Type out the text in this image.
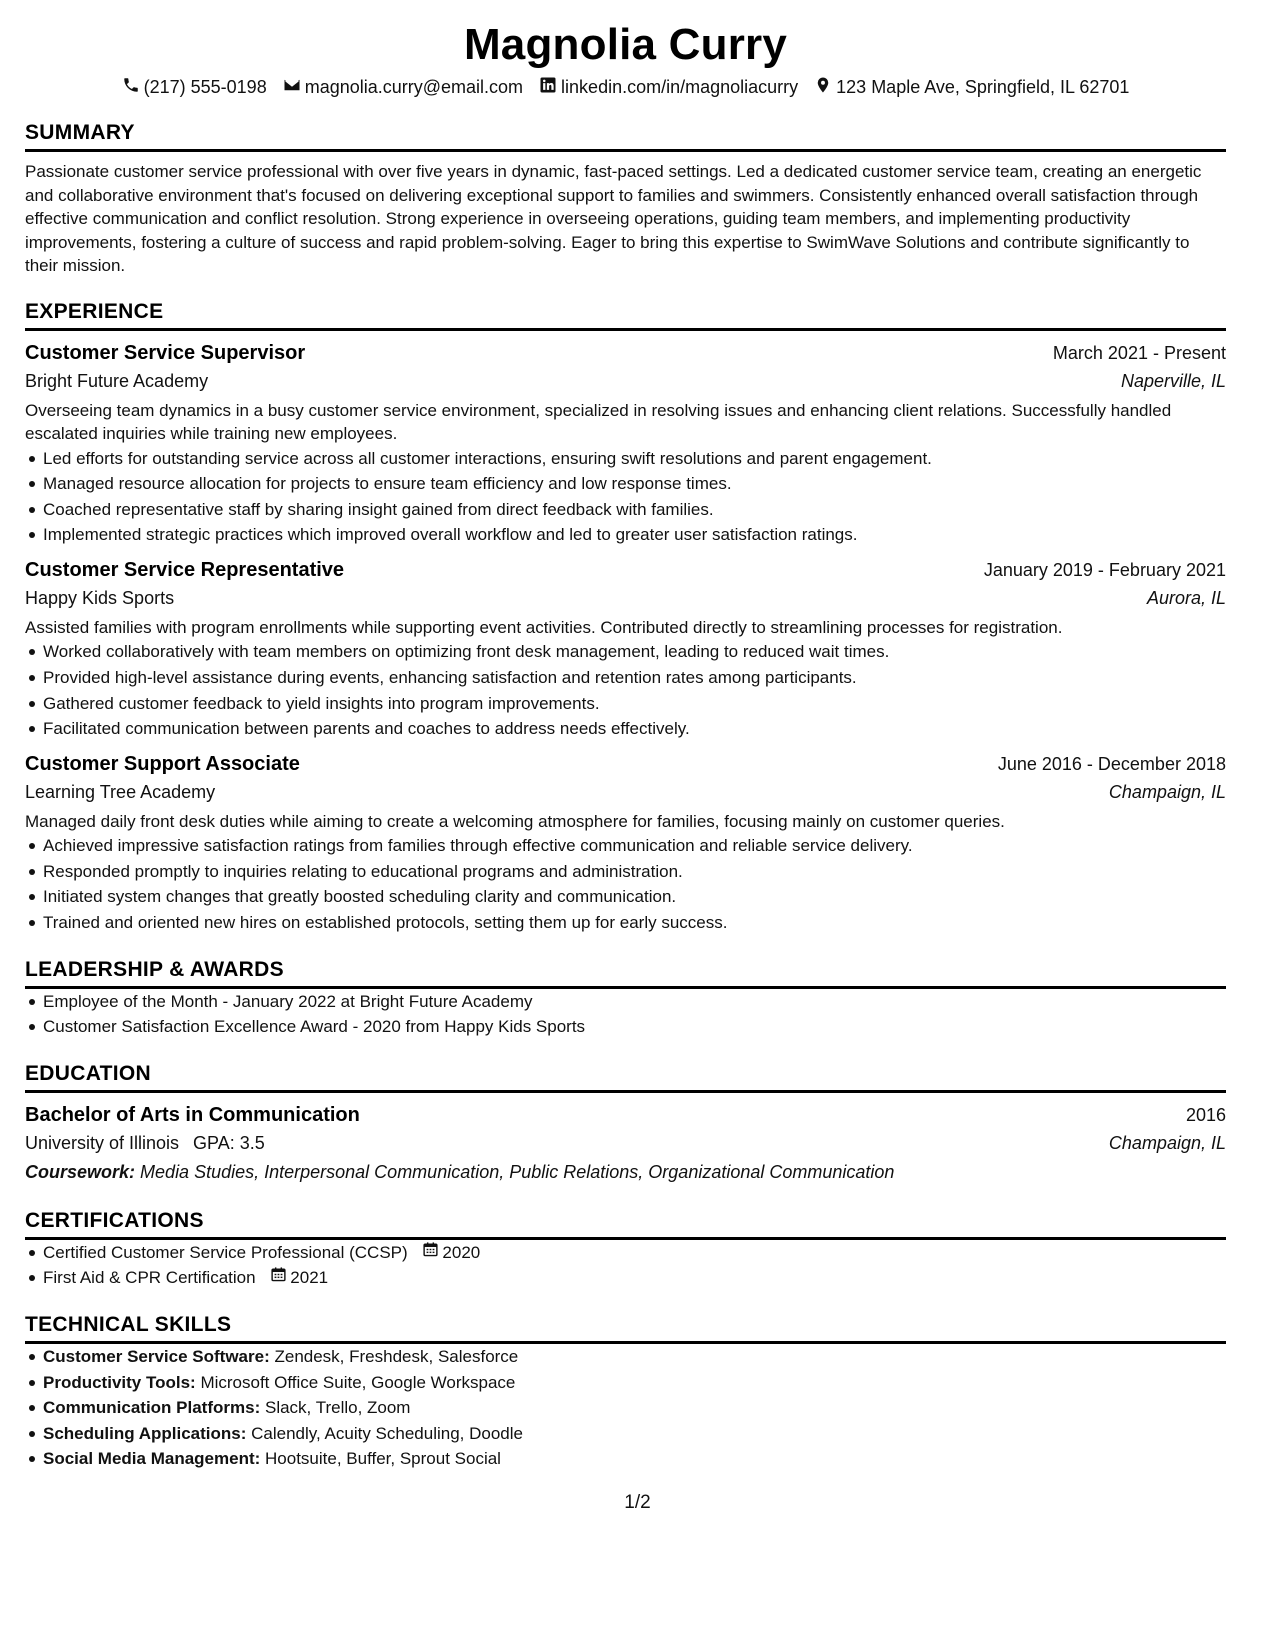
Magnolia Curry
(217) 555-0198 magnolia.curry@email.com linkedin.com/in/magnoliacurry 123 Maple Ave, Springfield, IL 62701
SUMMARY
Passionate customer service professional with over five years in dynamic, fast-paced settings. Led a dedicated customer service team, creating an energetic and collaborative environment that's focused on delivering exceptional support to families and swimmers. Consistently enhanced overall satisfaction through effective communication and conflict resolution. Strong experience in overseeing operations, guiding team members, and implementing productivity improvements, fostering a culture of success and rapid problem-solving. Eager to bring this expertise to SwimWave Solutions and contribute significantly to their mission.
EXPERIENCE
Customer Service Supervisor	March 2021 - Present
Bright Future Academy	Naperville, IL
Overseeing team dynamics in a busy customer service environment, specialized in resolving issues and enhancing client relations. Successfully handled escalated inquiries while training new employees.
Led efforts for outstanding service across all customer interactions, ensuring swift resolutions and parent engagement.
Managed resource allocation for projects to ensure team efficiency and low response times.
Coached representative staff by sharing insight gained from direct feedback with families.
Implemented strategic practices which improved overall workflow and led to greater user satisfaction ratings.
Customer Service Representative	January 2019 - February 2021
Happy Kids Sports	Aurora, IL
Assisted families with program enrollments while supporting event activities. Contributed directly to streamlining processes for registration.
Worked collaboratively with team members on optimizing front desk management, leading to reduced wait times.
Provided high-level assistance during events, enhancing satisfaction and retention rates among participants.
Gathered customer feedback to yield insights into program improvements.
Facilitated communication between parents and coaches to address needs effectively.
Customer Support Associate	June 2016 - December 2018
Learning Tree Academy	Champaign, IL
Managed daily front desk duties while aiming to create a welcoming atmosphere for families, focusing mainly on customer queries.
Achieved impressive satisfaction ratings from families through effective communication and reliable service delivery.
Responded promptly to inquiries relating to educational programs and administration.
Initiated system changes that greatly boosted scheduling clarity and communication.
Trained and oriented new hires on established protocols, setting them up for early success.
LEADERSHIP & AWARDS
Employee of the Month - January 2022 at Bright Future Academy
Customer Satisfaction Excellence Award - 2020 from Happy Kids Sports
EDUCATION
Bachelor of Arts in Communication	2016
University of Illinois GPA: 3.5	Champaign, IL
Coursework: Media Studies, Interpersonal Communication, Public Relations, Organizational Communication
CERTIFICATIONS
Certified Customer Service Professional (CCSP) 2020
First Aid & CPR Certification 2021
TECHNICAL SKILLS
Customer Service Software: Zendesk, Freshdesk, Salesforce
Productivity Tools: Microsoft Office Suite, Google Workspace
Communication Platforms: Slack, Trello, Zoom
Scheduling Applications: Calendly, Acuity Scheduling, Doodle
Social Media Management: Hootsuite, Buffer, Sprout Social
1/2
